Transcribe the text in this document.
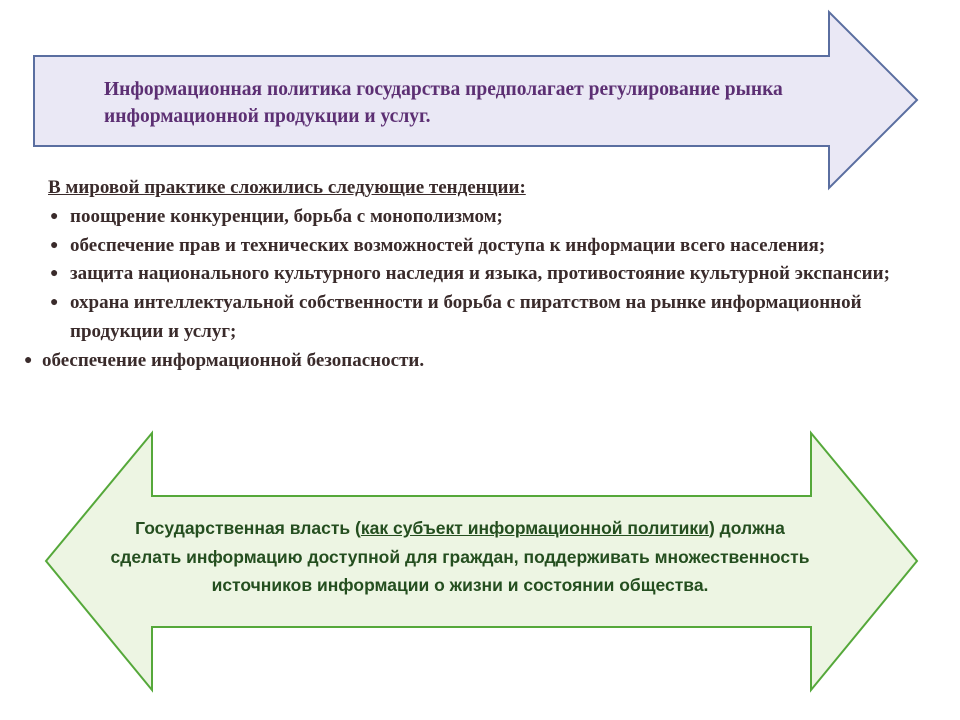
Информационная политика государства предполагает регулирование рынка информационной продукции и услуг.
В мировой практике сложились следующие тенденции:
● поощрение конкуренции, борьба с монополизмом;
● обеспечение прав и технических возможностей доступа к информации всего населения;
● защита национального культурного наследия и языка, противостояние культурной экспансии;
● охрана интеллектуальной собственности и борьба с пиратством на рынке информационной продукции и услуг;
● обеспечение информационной безопасности.
Государственная власть (как субъект информационной политики) должна сделать информацию доступной для граждан, поддерживать множественность источников информации о жизни и состоянии общества.
